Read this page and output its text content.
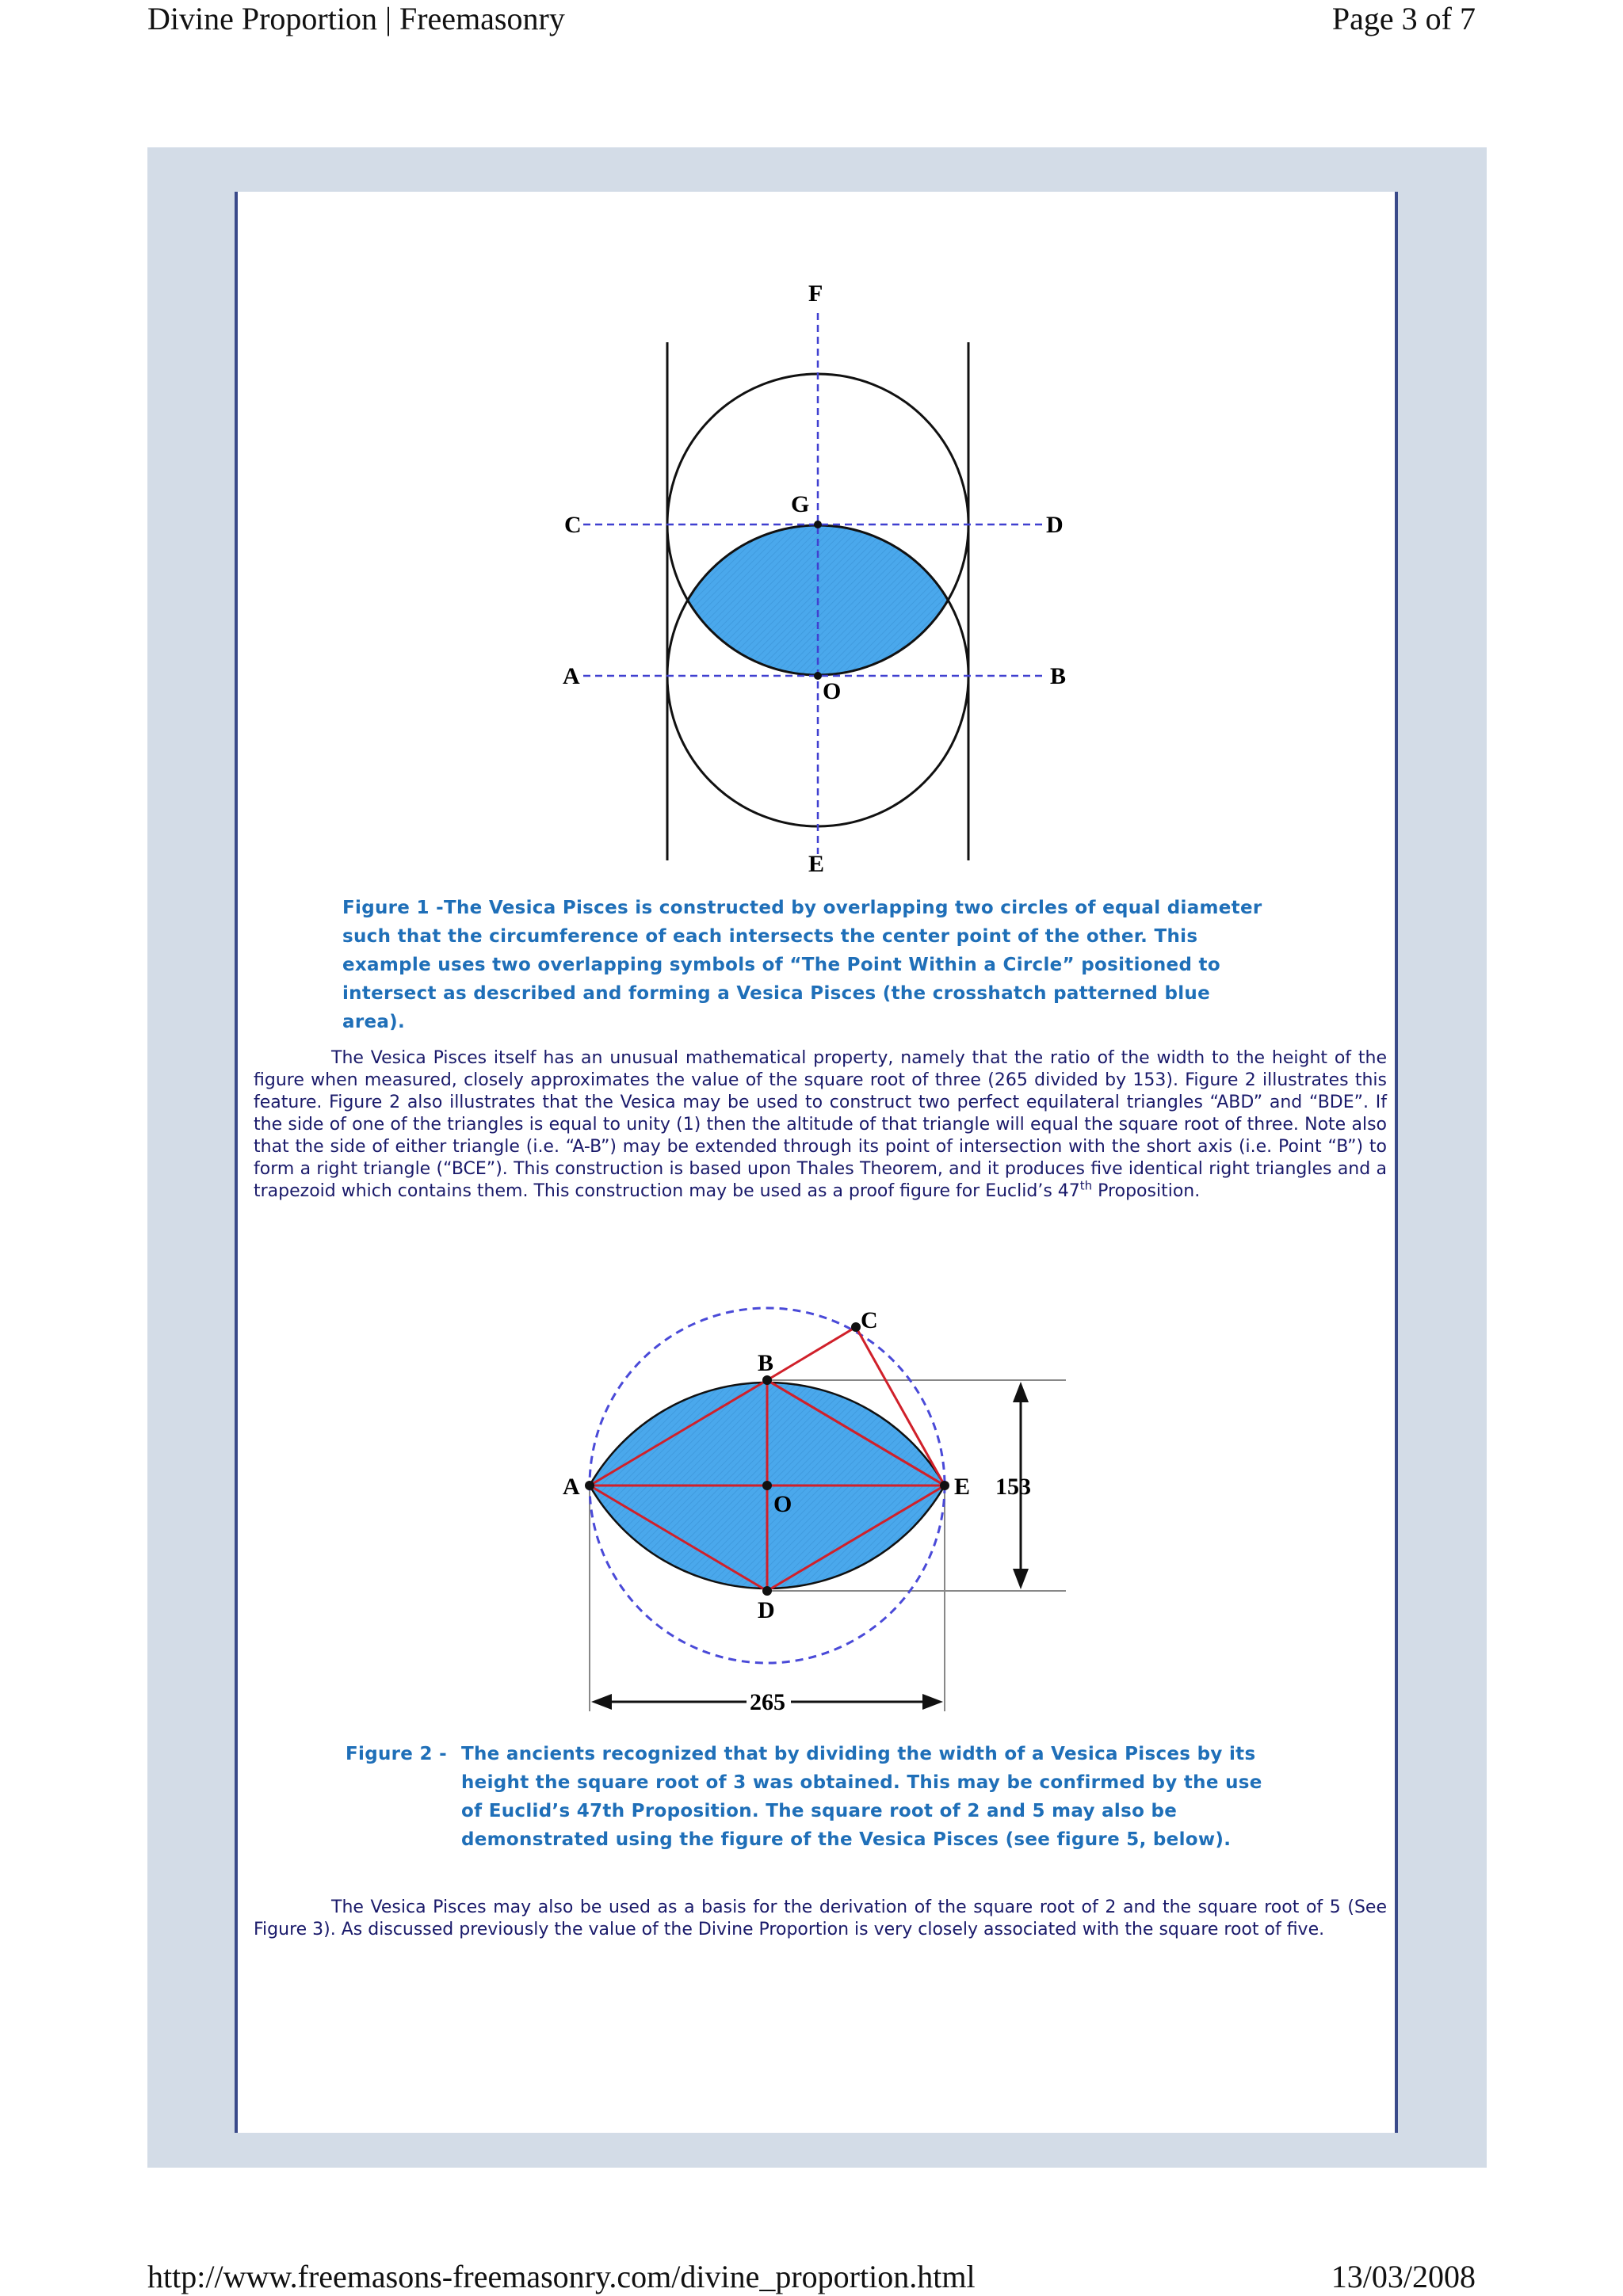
Divine Proportion | Freemasonry	Page 3 of 7
F
G
C	D
A	B
O
E
Figure 1 - The Vesica Pisces is constructed by overlapping two circles of equal diameter such that the circumference of each intersects the center point of the other. This example uses two overlapping symbols of “The Point Within a Circle” positioned to intersect as described and forming a Vesica Pisces (the crosshatch patterned blue area).
The Vesica Pisces itself has an unusual mathematical property, namely that the ratio of the width to the height of the figure when measured, closely approximates the value of the square root of three (265 divided by 153). Figure 2 illustrates this feature. Figure 2 also illustrates that the Vesica may be used to construct two perfect equilateral triangles “ABD” and “BDE”. If the side of one of the triangles is equal to unity (1) then the altitude of that triangle will equal the square root of three. Note also that the side of either triangle (i.e. “A-B”) may be extended through its point of intersection with the short axis (i.e. Point “B”) to form a right triangle (“BCE”). This construction is based upon Thales Theorem, and it produces five identical right triangles and a trapezoid which contains them. This construction may be used as a proof figure for Euclid’s 47th Proposition.
A
B
C
D
E
O
153
265
Figure 2 - The ancients recognized that by dividing the width of a Vesica Pisces by its height the square root of 3 was obtained. This may be confirmed by the use of Euclid’s 47th Proposition. The square root of 2 and 5 may also be demonstrated using the figure of the Vesica Pisces (see figure 5, below).
The Vesica Pisces may also be used as a basis for the derivation of the square root of 2 and the square root of 5 (See Figure 3). As discussed previously the value of the Divine Proportion is very closely associated with the square root of five.
http://www.freemasons-freemasonry.com/divine_proportion.html	13/03/2008
